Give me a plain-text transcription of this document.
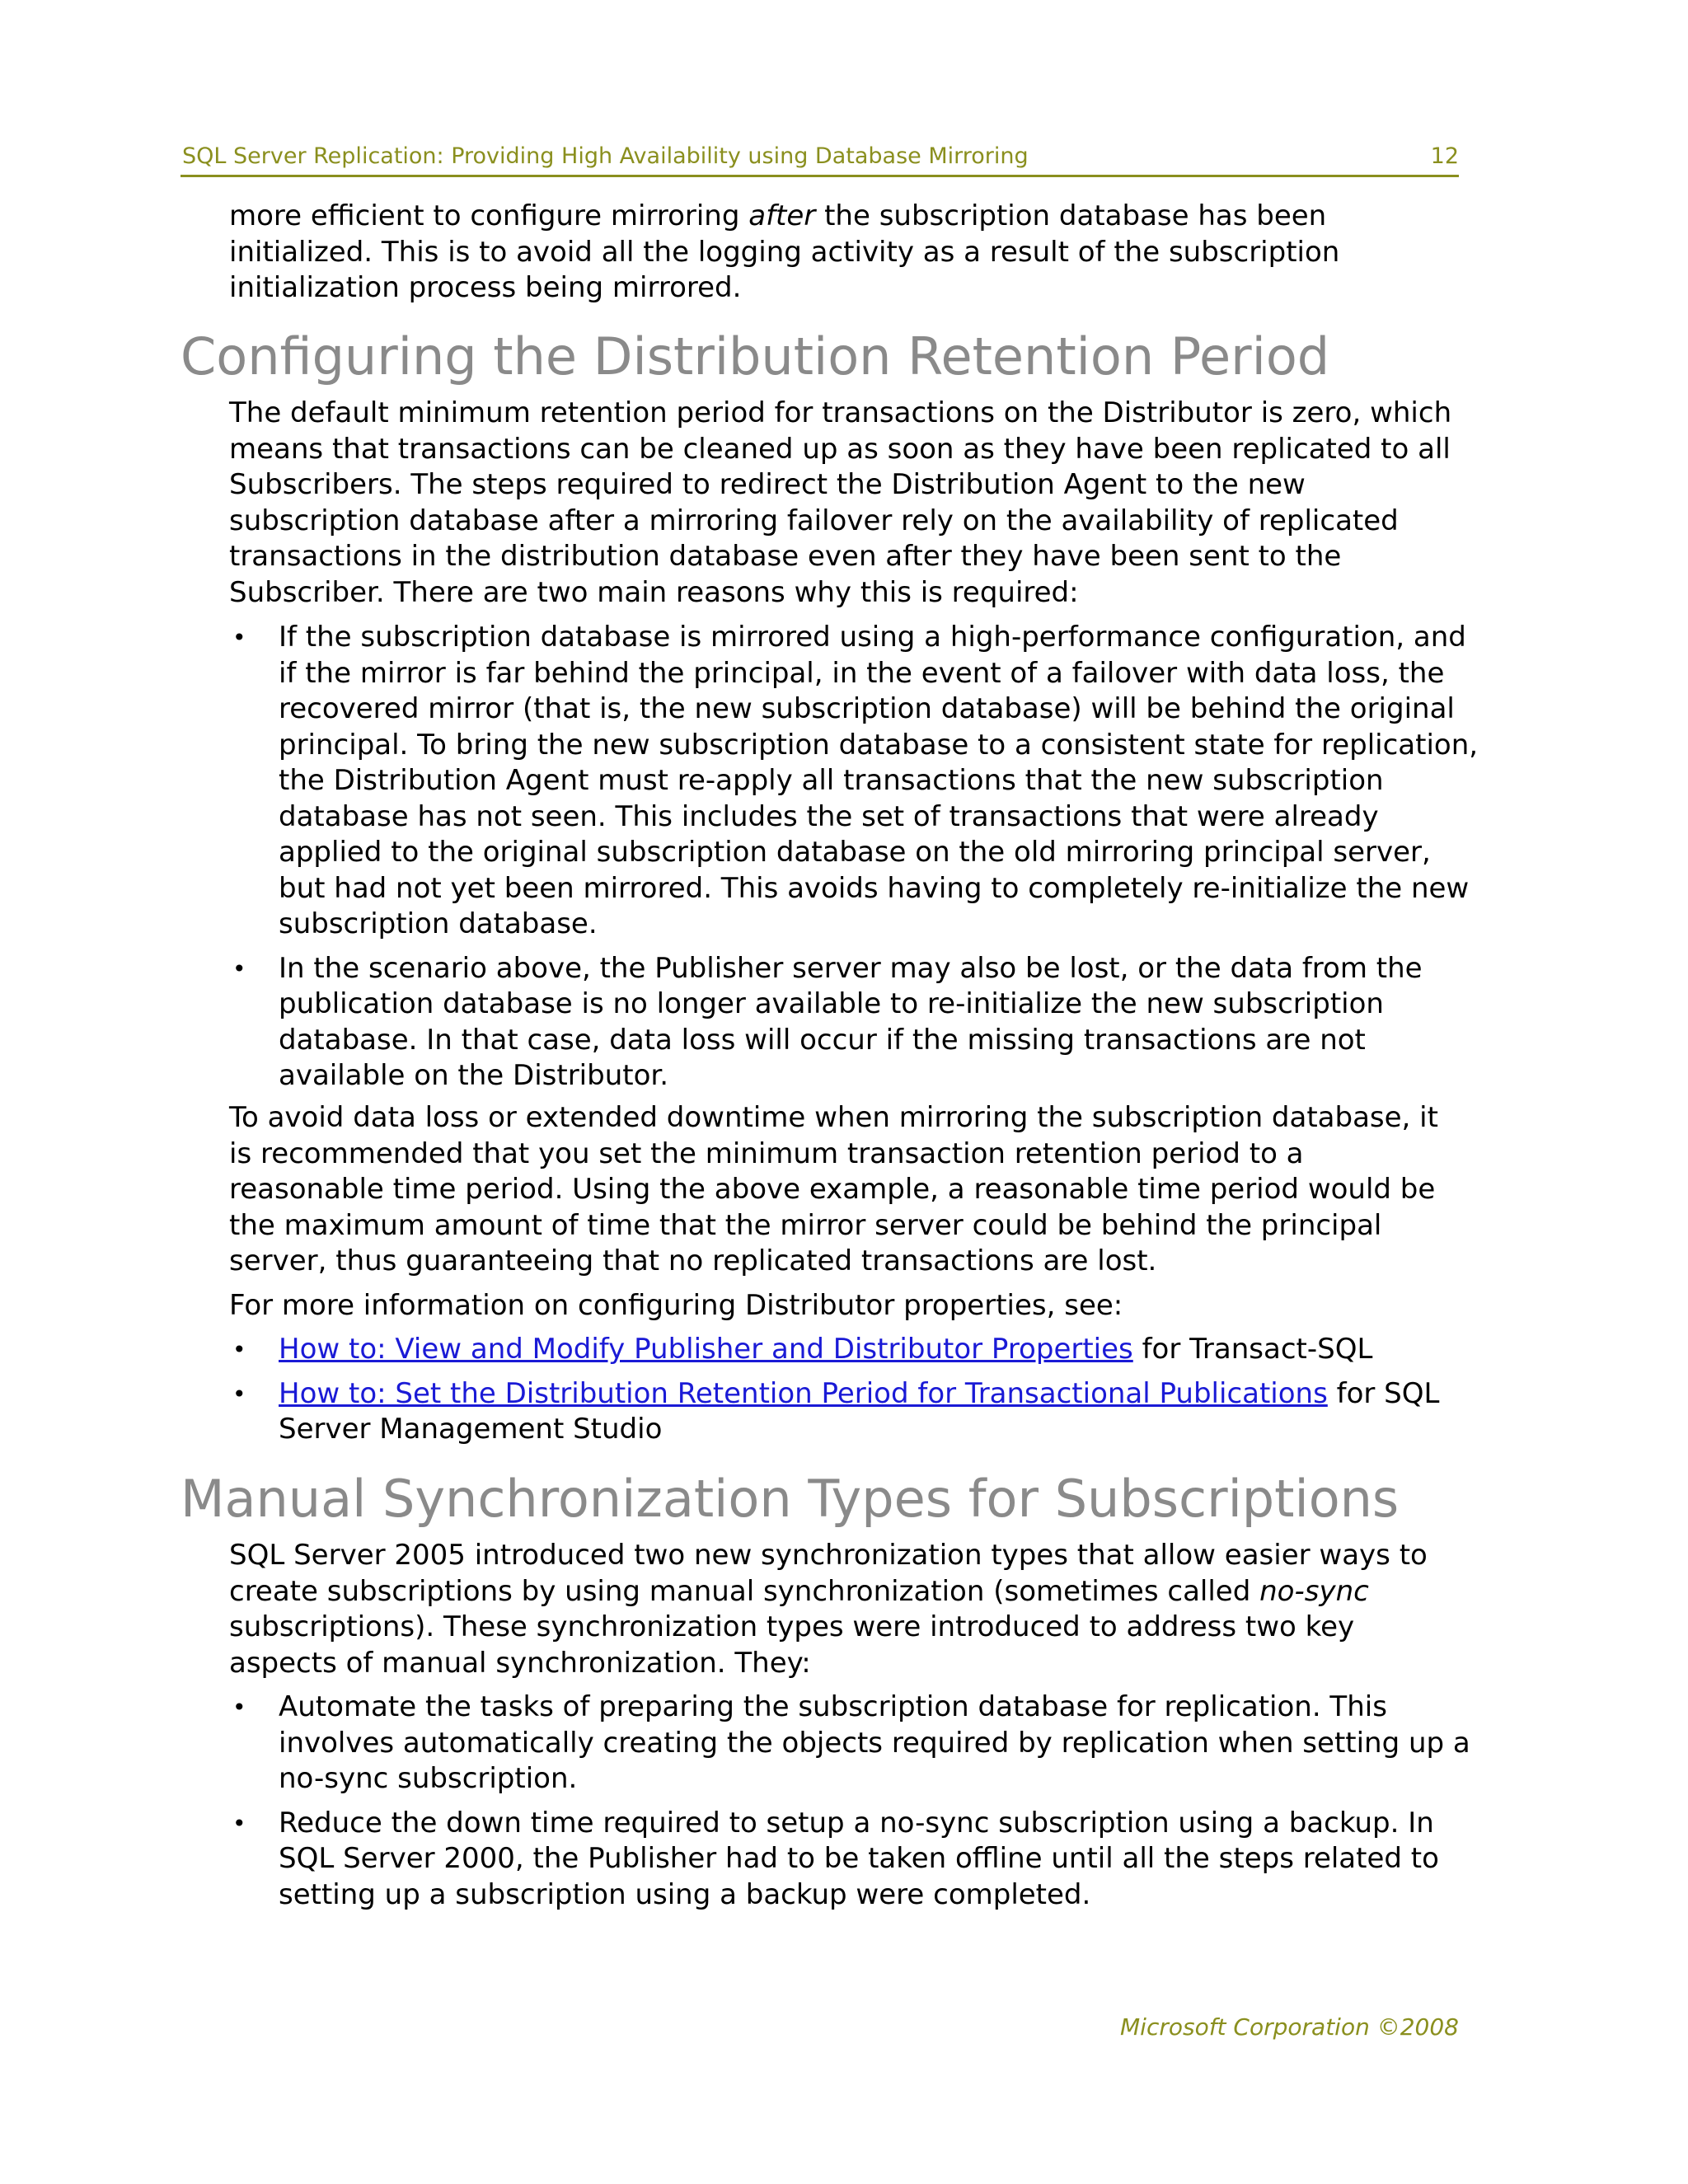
SQL Server Replication: Providing High Availability using Database Mirroring	12
more efficient to configure mirroring after the subscription database has been initialized. This is to avoid all the logging activity as a result of the subscription initialization process being mirrored.
Configuring the Distribution Retention Period
The default minimum retention period for transactions on the Distributor is zero, which means that transactions can be cleaned up as soon as they have been replicated to all Subscribers. The steps required to redirect the Distribution Agent to the new subscription database after a mirroring failover rely on the availability of replicated transactions in the distribution database even after they have been sent to the Subscriber. There are two main reasons why this is required:
• If the subscription database is mirrored using a high-performance configuration, and if the mirror is far behind the principal, in the event of a failover with data loss, the recovered mirror (that is, the new subscription database) will be behind the original principal. To bring the new subscription database to a consistent state for replication, the Distribution Agent must re-apply all transactions that the new subscription database has not seen. This includes the set of transactions that were already applied to the original subscription database on the old mirroring principal server, but had not yet been mirrored. This avoids having to completely re-initialize the new subscription database.
• In the scenario above, the Publisher server may also be lost, or the data from the publication database is no longer available to re-initialize the new subscription database. In that case, data loss will occur if the missing transactions are not available on the Distributor.
To avoid data loss or extended downtime when mirroring the subscription database, it is recommended that you set the minimum transaction retention period to a reasonable time period. Using the above example, a reasonable time period would be the maximum amount of time that the mirror server could be behind the principal server, thus guaranteeing that no replicated transactions are lost.
For more information on configuring Distributor properties, see:
• How to: View and Modify Publisher and Distributor Properties for Transact-SQL
• How to: Set the Distribution Retention Period for Transactional Publications for SQL Server Management Studio
Manual Synchronization Types for Subscriptions
SQL Server 2005 introduced two new synchronization types that allow easier ways to create subscriptions by using manual synchronization (sometimes called no-sync subscriptions). These synchronization types were introduced to address two key aspects of manual synchronization. They:
• Automate the tasks of preparing the subscription database for replication. This involves automatically creating the objects required by replication when setting up a no-sync subscription.
• Reduce the down time required to setup a no-sync subscription using a backup. In SQL Server 2000, the Publisher had to be taken offline until all the steps related to setting up a subscription using a backup were completed.
Microsoft Corporation ©2008
